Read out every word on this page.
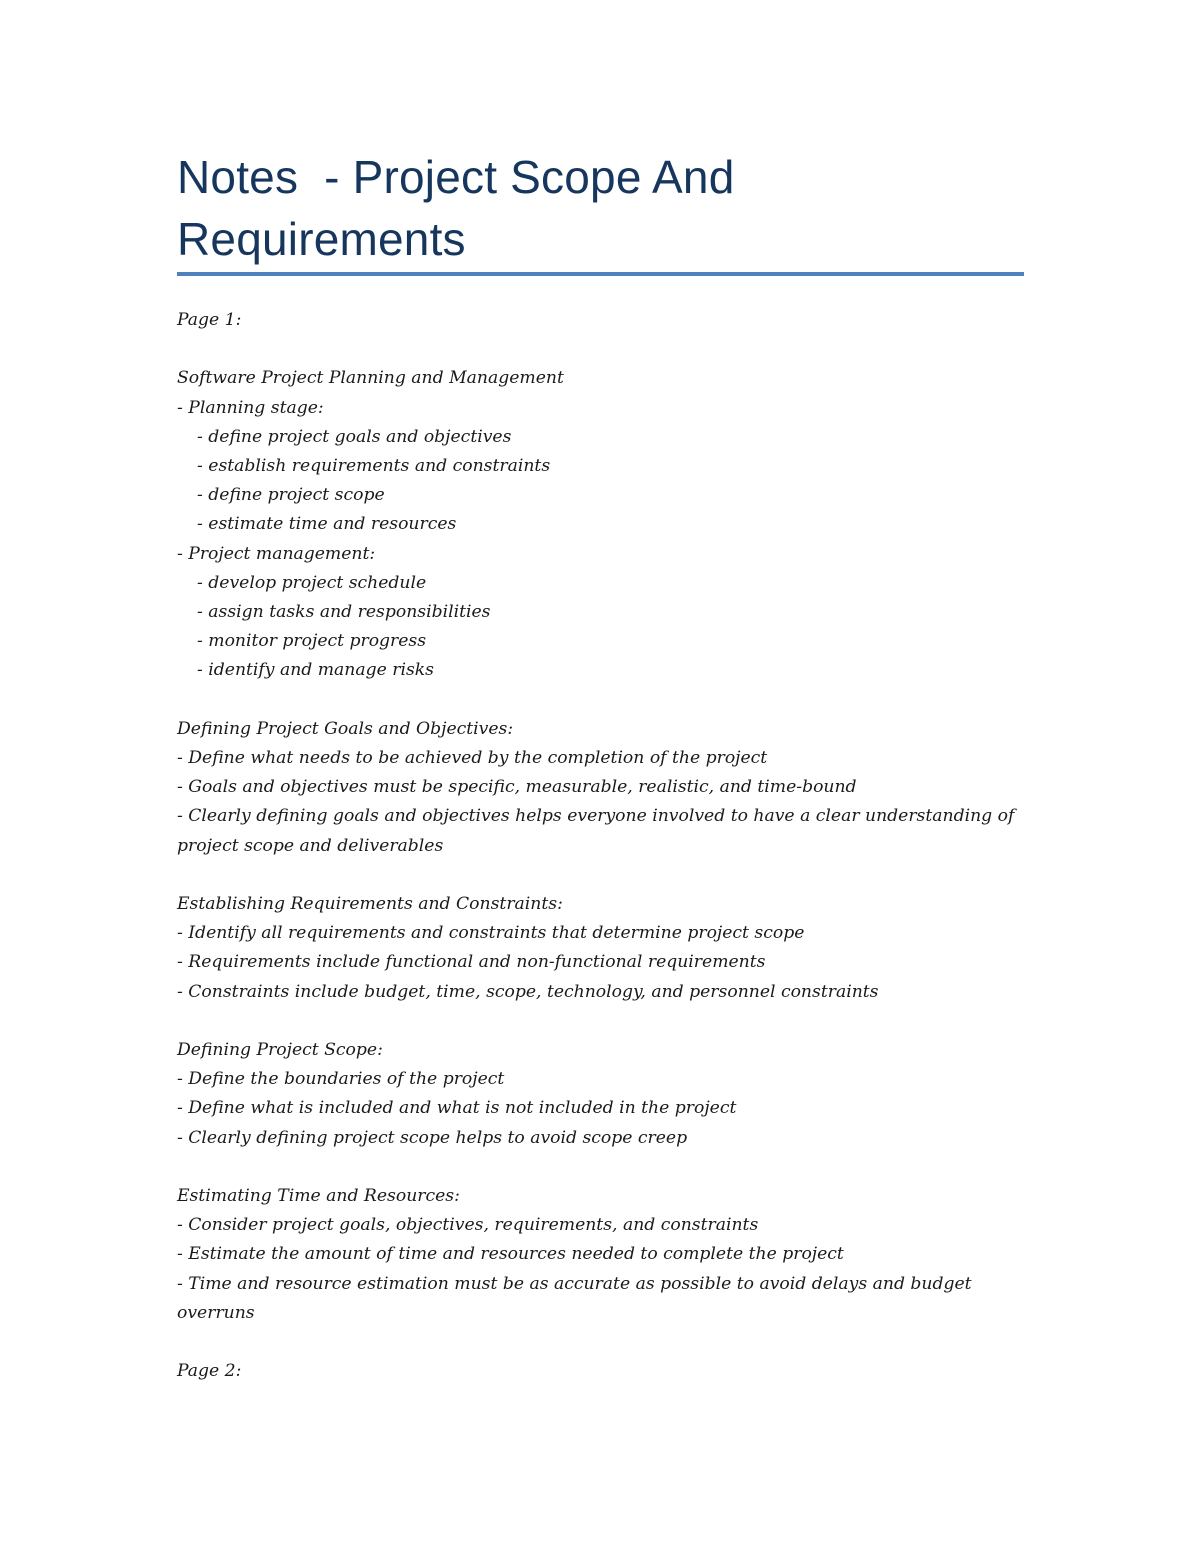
Notes  - Project Scope And Requirements
Page 1:
Software Project Planning and Management
- Planning stage:
- define project goals and objectives
- establish requirements and constraints
- define project scope
- estimate time and resources
- Project management:
- develop project schedule
- assign tasks and responsibilities
- monitor project progress
- identify and manage risks
Defining Project Goals and Objectives:
- Define what needs to be achieved by the completion of the project
- Goals and objectives must be specific, measurable, realistic, and time-bound
- Clearly defining goals and objectives helps everyone involved to have a clear understanding of project scope and deliverables
Establishing Requirements and Constraints:
- Identify all requirements and constraints that determine project scope
- Requirements include functional and non-functional requirements
- Constraints include budget, time, scope, technology, and personnel constraints
Defining Project Scope:
- Define the boundaries of the project
- Define what is included and what is not included in the project
- Clearly defining project scope helps to avoid scope creep
Estimating Time and Resources:
- Consider project goals, objectives, requirements, and constraints
- Estimate the amount of time and resources needed to complete the project
- Time and resource estimation must be as accurate as possible to avoid delays and budget overruns
Page 2:
